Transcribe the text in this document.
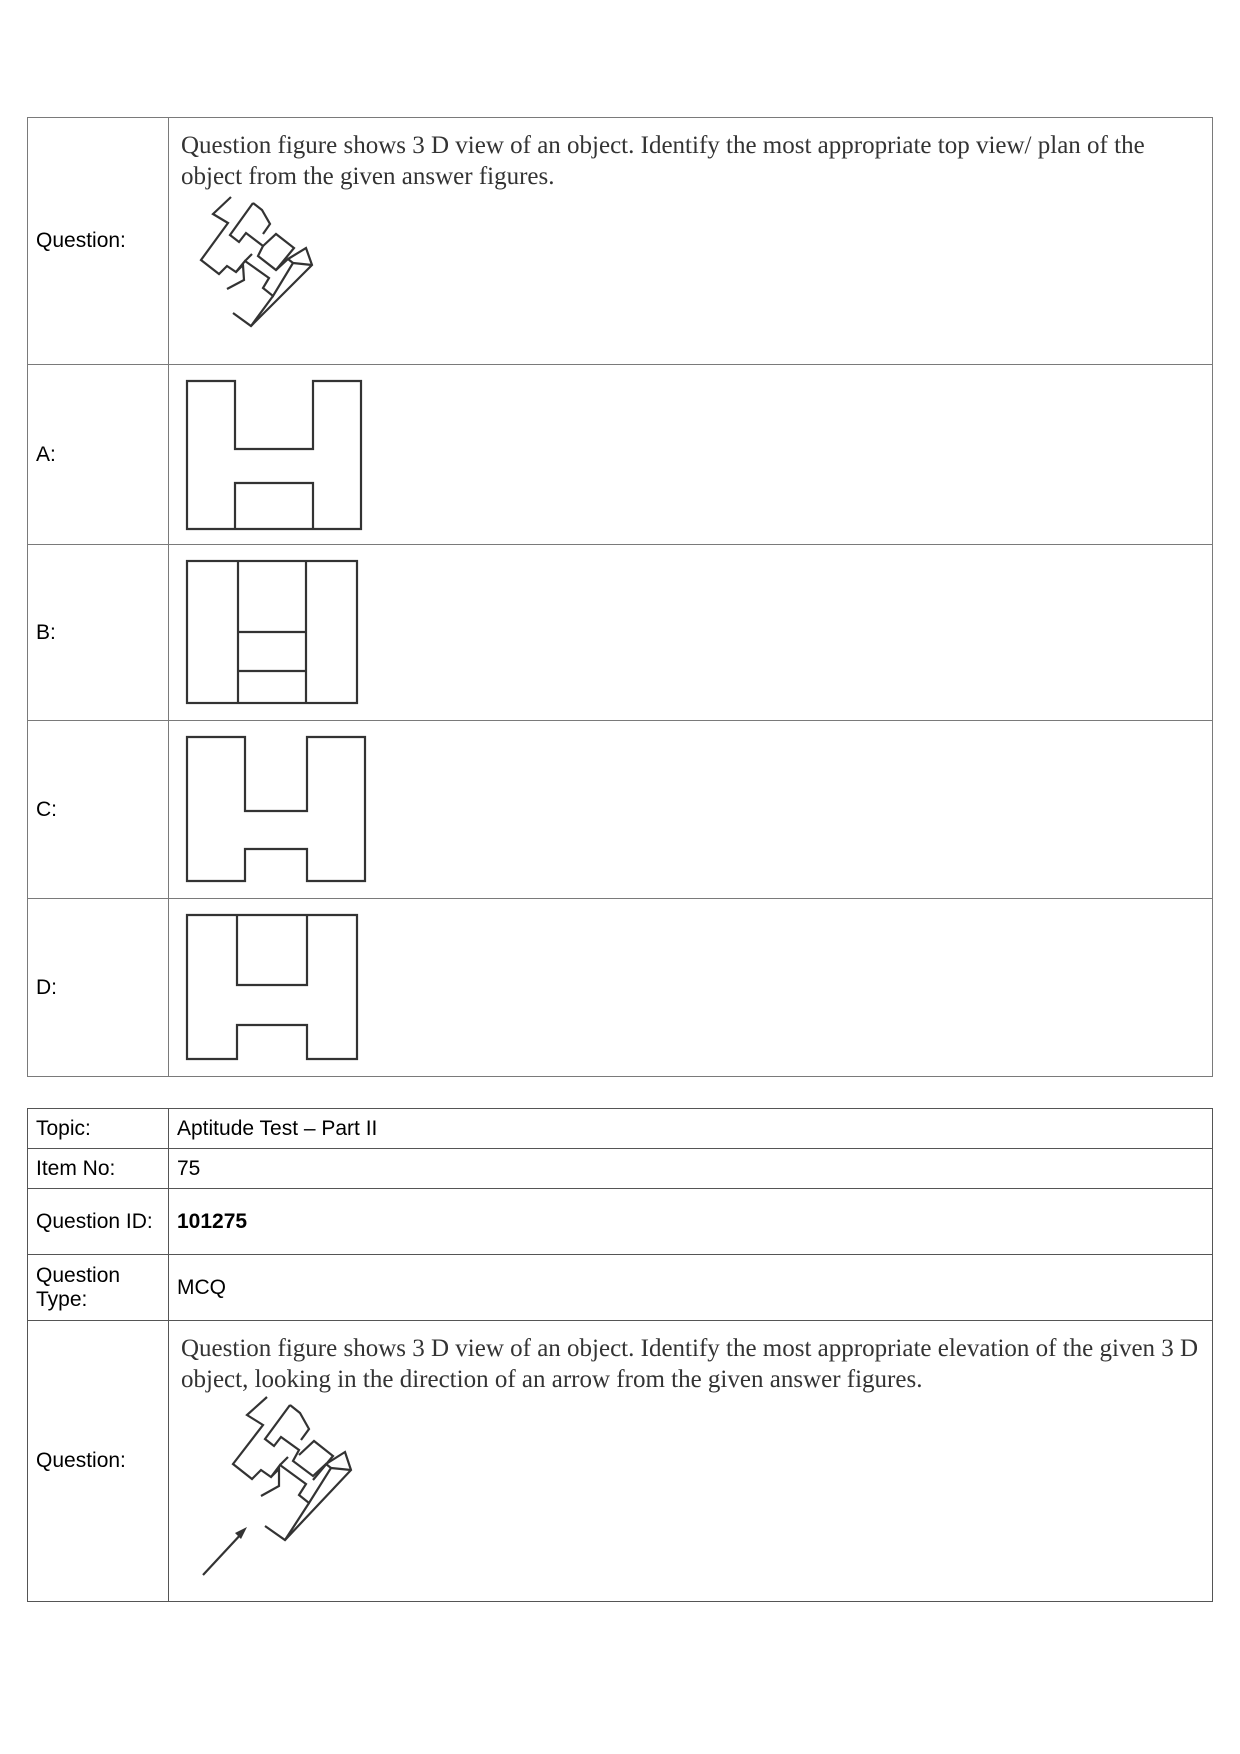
Question:	Question figure shows 3 D view of an object. Identify the most appropriate top view/ plan of the object from the given answer figures.

A:	

B:	

C:	

D:	
Topic:	Aptitude Test – Part II
Item No:	75
Question ID:	101275
Question Type:	MCQ
Question:	Question figure shows 3 D view of an object. Identify the most appropriate elevation of the given 3 D object, looking in the direction of an arrow from the given answer figures.
